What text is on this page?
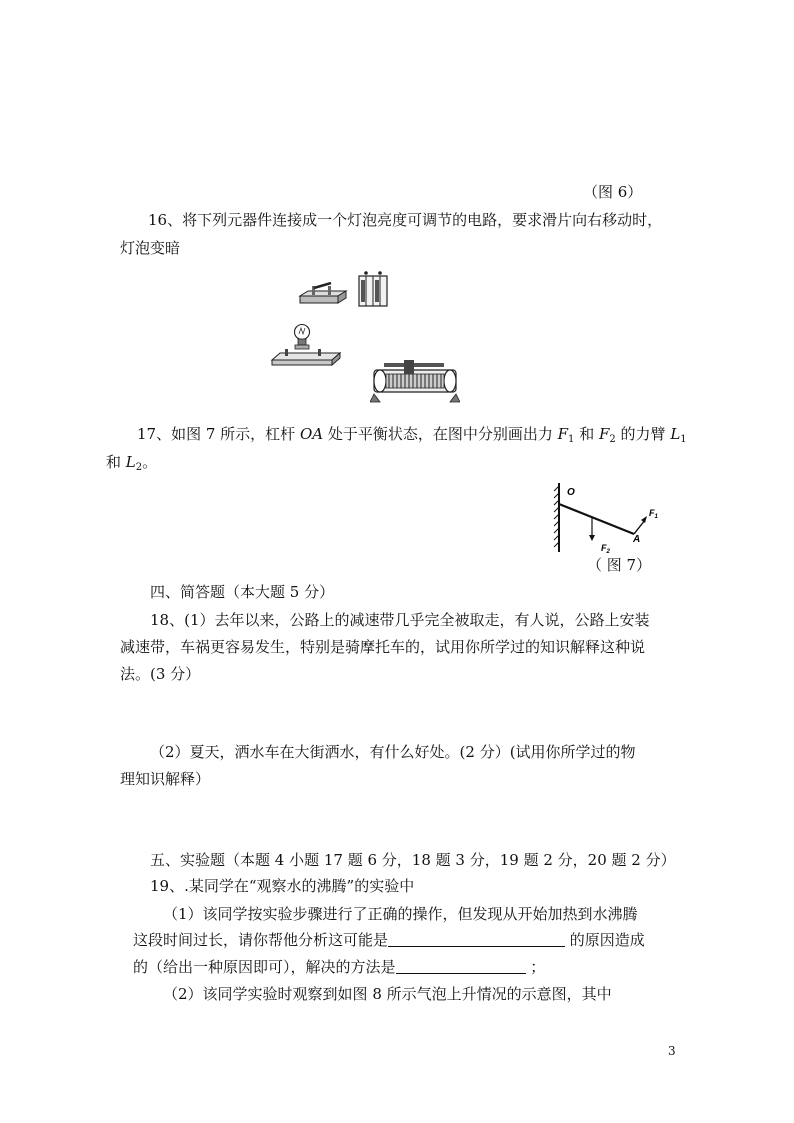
（图 6）
16、将下列元器件连接成一个灯泡亮度可调节的电路，要求滑片向右移动时，
灯泡变暗
17、如图 7 所示，杠杆 OA 处于平衡状态，在图中分别画出力 $F_1$ 和 $F_2$ 的力臂 $L_1$
和 $L_2$。
O
A
$F_1$
$F_2$
（ 图 7）
四、简答题（本大题 5 分）
18、(1）去年以来，公路上的减速带几乎完全被取走，有人说，公路上安装
减速带，车祸更容易发生，特别是骑摩托车的，试用你所学过的知识解释这种说
法。(3 分）
（2）夏天，洒水车在大街洒水，有什么好处。(2 分）(试用你所学过的物
理知识解释）
五、实验题（本题 4 小题 17 题 6 分，18 题 3 分，19 题 2 分，20 题 2 分）
19、.某同学在“观察水的沸腾”的实验中
（1）该同学按实验步骤进行了正确的操作，但发现从开始加热到水沸腾
这段时间过长，请你帮他分析这可能是	的原因造成
的（给出一种原因即可），解决的方法是	；
（2）该同学实验时观察到如图 8 所示气泡上升情况的示意图，其中
3
